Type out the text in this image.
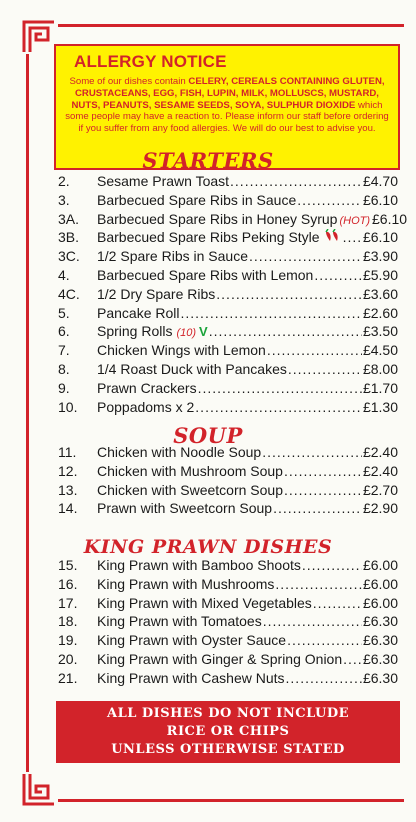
ALLERGY NOTICE

Some of our dishes contain CELERY, CEREALS CONTAINING GLUTEN,
CRUSTACEANS, EGG, FISH, LUPIN, MILK, MOLLUSCS, MUSTARD,
NUTS, PEANUTS, SESAME SEEDS, SOYA, SULPHUR DIOXIDE which
some people may have a reaction to. Please inform our staff before ordering
if you suffer from any food allergies. We will do our best to advise you.

STARTERS
2.	Sesame Prawn Toast .....	£4.70
3.	Barbecued Spare Ribs in Sauce .....	£6.10
3A.	Barbecued Spare Ribs in Honey Syrup (HOT) £6.10
3B.	Barbecued Spare Ribs Peking Style .....	£6.10
3C.	1/2 Spare Ribs in Sauce .....	£3.90
4.	Barbecued Spare Ribs with Lemon .....	£5.90
4C.	1/2 Dry Spare Ribs .....	£3.60
5.	Pancake Roll .....	£2.60
6.	Spring Rolls (10) V .....	£3.50
7.	Chicken Wings with Lemon .....	£4.50
8.	1/4 Roast Duck with Pancakes .....	£8.00
9.	Prawn Crackers .....	£1.70
10.	Poppadoms x 2 .....	£1.30
SOUP
11.	Chicken with Noodle Soup .....	£2.40
12.	Chicken with Mushroom Soup .....	£2.40
13.	Chicken with Sweetcorn Soup .....	£2.70
14.	Prawn with Sweetcorn Soup .....	£2.90
KING PRAWN DISHES
15.	King Prawn with Bamboo Shoots .....	£6.00
16.	King Prawn with Mushrooms .....	£6.00
17.	King Prawn with Mixed Vegetables .....	£6.00
18.	King Prawn with Tomatoes .....	£6.30
19.	King Prawn with Oyster Sauce .....	£6.30
20.	King Prawn with Ginger & Spring Onion ..... £6.30
21.	King Prawn with Cashew Nuts .....	£6.30
ALL DISHES DO NOT INCLUDE
RICE OR CHIPS
UNLESS OTHERWISE STATED
